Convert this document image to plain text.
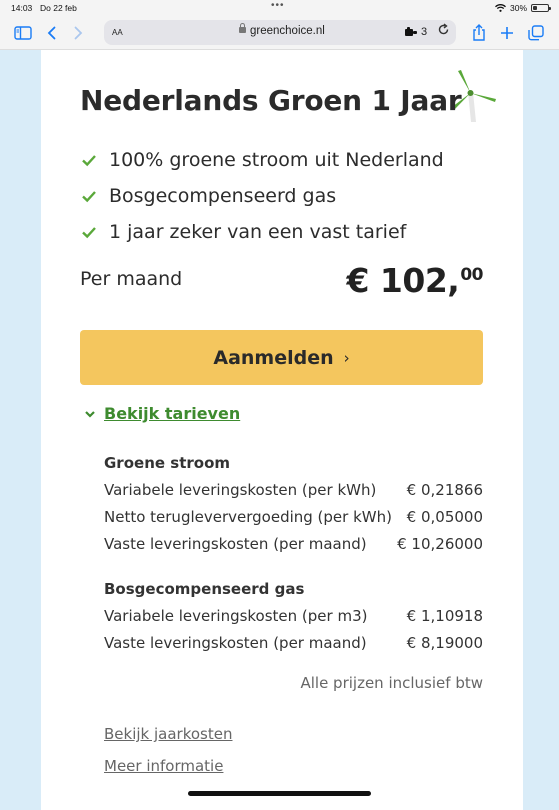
14:03 Do 22 feb	•••	30%
AA	greenchoice.nl	3
Nederlands Groen 1 Jaar
100% groene stroom uit Nederland
Bosgecompenseerd gas
1 jaar zeker van een vast tarief
Per maand	€ 102,00
Aanmelden ›
Bekijk tarieven
Groene stroom
Variabele leveringskosten (per kWh) € 0,21866
Netto terugleververgoeding (per kWh) € 0,05000
Vaste leveringskosten (per maand) € 10,26000
Bosgecompenseerd gas
Variabele leveringskosten (per m3)	€ 1,10918
Vaste leveringskosten (per maand)	€ 8,19000
Alle prijzen inclusief btw
Bekijk jaarkosten
Meer informatie
